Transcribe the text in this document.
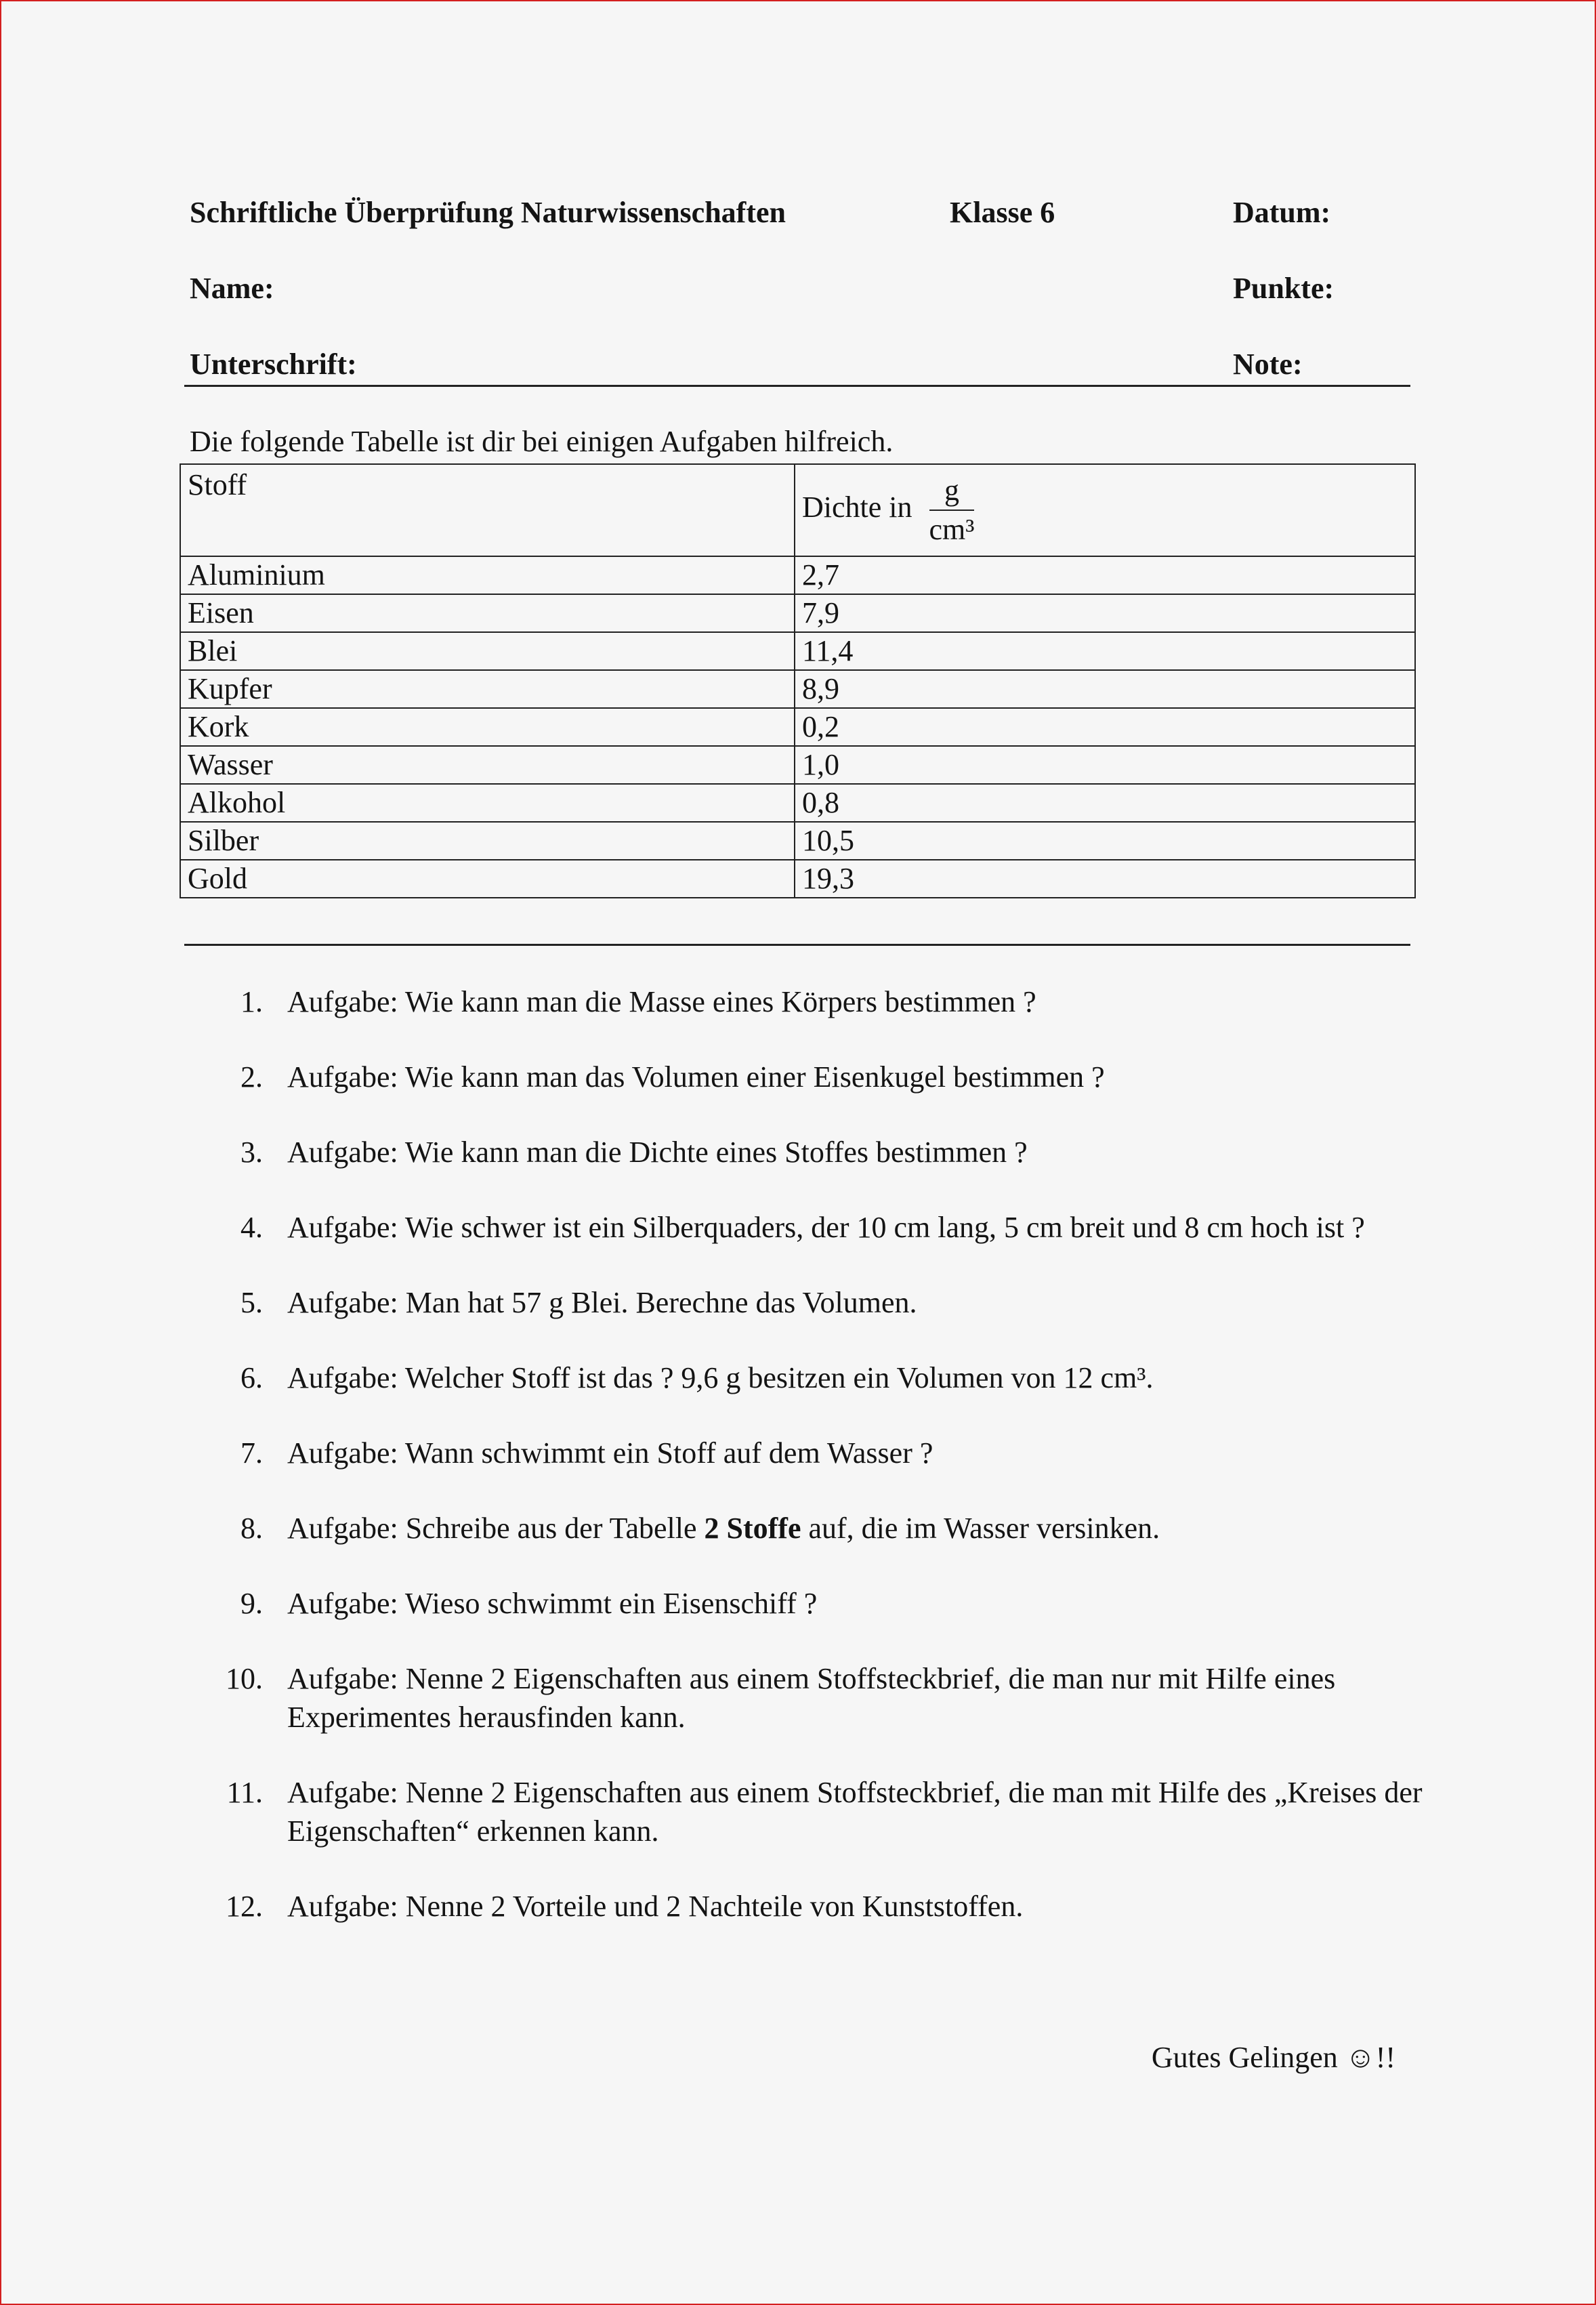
Schriftliche Überprüfung Naturwissenschaften	Klasse 6	Datum:
Name:	Punkte:
Unterschrift:	Note:
Die folgende Tabelle ist dir bei einigen Aufgaben hilfreich.
Stoff	Dichte in $\frac{g}{\text{cm³}}$

Aluminium	2,7
Eisen	7,9
Blei	11,4
Kupfer	8,9
Kork	0,2
Wasser	1,0
Alkohol	0,8
Silber	10,5
Gold	19,3
1. Aufgabe: Wie kann man die Masse eines Körpers bestimmen ?
2. Aufgabe: Wie kann man das Volumen einer Eisenkugel bestimmen ?
3. Aufgabe: Wie kann man die Dichte eines Stoffes bestimmen ?
4. Aufgabe: Wie schwer ist ein Silberquaders, der 10 cm lang, 5 cm breit und 8 cm hoch ist ?
5. Aufgabe: Man hat 57 g Blei. Berechne das Volumen.
6. Aufgabe: Welcher Stoff ist das ? 9,6 g besitzen ein Volumen von 12 cm³.
7. Aufgabe: Wann schwimmt ein Stoff auf dem Wasser ?
8. Aufgabe: Schreibe aus der Tabelle 2 Stoffe auf, die im Wasser versinken.
9. Aufgabe: Wieso schwimmt ein Eisenschiff ?
10. Aufgabe: Nenne 2 Eigenschaften aus einem Stoffsteckbrief, die man nur mit Hilfe eines Experimentes herausfinden kann.
11. Aufgabe: Nenne 2 Eigenschaften aus einem Stoffsteckbrief, die man mit Hilfe des „Kreises der Eigenschaften“ erkennen kann.
12. Aufgabe: Nenne 2 Vorteile und 2 Nachteile von Kunststoffen.
Gutes Gelingen ☺!!
